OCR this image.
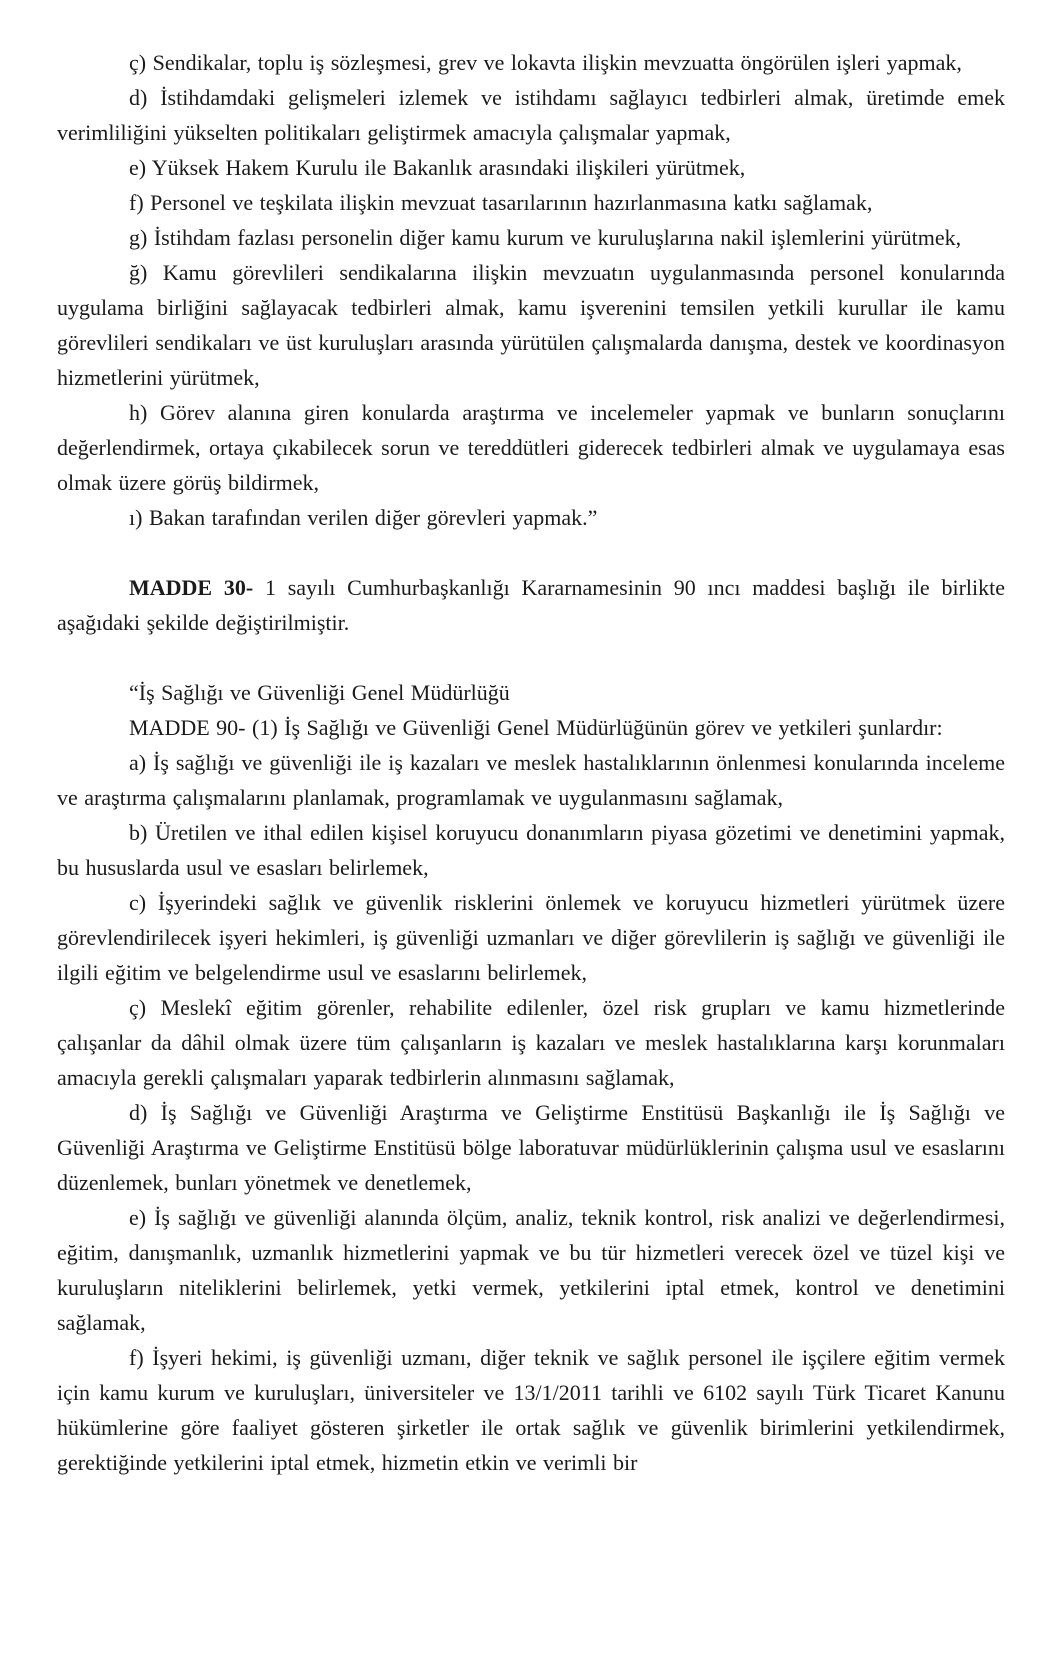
ç) Sendikalar, toplu iş sözleşmesi, grev ve lokavta ilişkin mevzuatta öngörülen işleri yapmak,

d) İstihdamdaki gelişmeleri izlemek ve istihdamı sağlayıcı tedbirleri almak, üretimde emek verimliliğini yükselten politikaları geliştirmek amacıyla çalışmalar yapmak,

e) Yüksek Hakem Kurulu ile Bakanlık arasındaki ilişkileri yürütmek,

f) Personel ve teşkilata ilişkin mevzuat tasarılarının hazırlanmasına katkı sağlamak,

g) İstihdam fazlası personelin diğer kamu kurum ve kuruluşlarına nakil işlemlerini yürütmek,

ğ) Kamu görevlileri sendikalarına ilişkin mevzuatın uygulanmasında personel konularında uygulama birliğini sağlayacak tedbirleri almak, kamu işverenini temsilen yetkili kurullar ile kamu görevlileri sendikaları ve üst kuruluşları arasında yürütülen çalışmalarda danışma, destek ve koordinasyon hizmetlerini yürütmek,

h) Görev alanına giren konularda araştırma ve incelemeler yapmak ve bunların sonuçlarını değerlendirmek, ortaya çıkabilecek sorun ve tereddütleri giderecek tedbirleri almak ve uygulamaya esas olmak üzere görüş bildirmek,

ı) Bakan tarafından verilen diğer görevleri yapmak.”

MADDE 30- 1 sayılı Cumhurbaşkanlığı Kararnamesinin 90 ıncı maddesi başlığı ile birlikte aşağıdaki şekilde değiştirilmiştir.

“İş Sağlığı ve Güvenliği Genel Müdürlüğü

MADDE 90- (1) İş Sağlığı ve Güvenliği Genel Müdürlüğünün görev ve yetkileri şunlardır:

a) İş sağlığı ve güvenliği ile iş kazaları ve meslek hastalıklarının önlenmesi konularında inceleme ve araştırma çalışmalarını planlamak, programlamak ve uygulanmasını sağlamak,

b) Üretilen ve ithal edilen kişisel koruyucu donanımların piyasa gözetimi ve denetimini yapmak, bu hususlarda usul ve esasları belirlemek,

c) İşyerindeki sağlık ve güvenlik risklerini önlemek ve koruyucu hizmetleri yürütmek üzere görevlendirilecek işyeri hekimleri, iş güvenliği uzmanları ve diğer görevlilerin iş sağlığı ve güvenliği ile ilgili eğitim ve belgelendirme usul ve esaslarını belirlemek,

ç) Meslekî eğitim görenler, rehabilite edilenler, özel risk grupları ve kamu hizmetlerinde çalışanlar da dâhil olmak üzere tüm çalışanların iş kazaları ve meslek hastalıklarına karşı korunmaları amacıyla gerekli çalışmaları yaparak tedbirlerin alınmasını sağlamak,

d) İş Sağlığı ve Güvenliği Araştırma ve Geliştirme Enstitüsü Başkanlığı ile İş Sağlığı ve Güvenliği Araştırma ve Geliştirme Enstitüsü bölge laboratuvar müdürlüklerinin çalışma usul ve esaslarını düzenlemek, bunları yönetmek ve denetlemek,

e) İş sağlığı ve güvenliği alanında ölçüm, analiz, teknik kontrol, risk analizi ve değerlendirmesi, eğitim, danışmanlık, uzmanlık hizmetlerini yapmak ve bu tür hizmetleri verecek özel ve tüzel kişi ve kuruluşların niteliklerini belirlemek, yetki vermek, yetkilerini iptal etmek, kontrol ve denetimini sağlamak,

f) İşyeri hekimi, iş güvenliği uzmanı, diğer teknik ve sağlık personel ile işçilere eğitim vermek için kamu kurum ve kuruluşları, üniversiteler ve 13/1/2011 tarihli ve 6102 sayılı Türk Ticaret Kanunu hükümlerine göre faaliyet gösteren şirketler ile ortak sağlık ve güvenlik birimlerini yetkilendirmek, gerektiğinde yetkilerini iptal etmek, hizmetin etkin ve verimli bir
